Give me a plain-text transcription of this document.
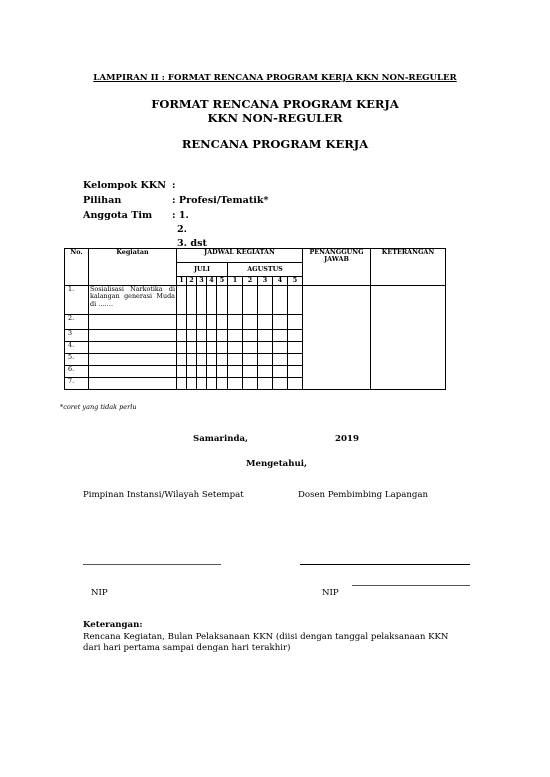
LAMPIRAN II : FORMAT RENCANA PROGRAM KERJA KKN NON-REGULER
FORMAT RENCANA PROGRAM KERJA
KKN NON-REGULER
RENCANA PROGRAM KERJA
Kelompok KKN :
Pilihan	: Profesi/Tematik*
Anggota Tim : 1.
2.
3. dst
No.	Kegiatan	JADWAL KEGIATAN										PENANGGUNG JAWAB	KETERANGAN
		JULI					AGUSTUS						
		1	2	3	4	5	1	2	3	4	5		
1.	Sosialisasi Narkotika di kalangan generasi Muda di …….												
2.													
3													
4.													
5.													
6.													
7.													
*coret yang tidak perlu
Samarinda,	2019
Mengetahui,
Pimpinan Instansi/Wilayah Setempat	Dosen Pembimbing Lapangan
NIP	NIP
Keterangan:
Rencana Kegiatan, Bulan Pelaksanaan KKN (diisi dengan tanggal pelaksanaan KKN
dari hari pertama sampai dengan hari terakhir)
